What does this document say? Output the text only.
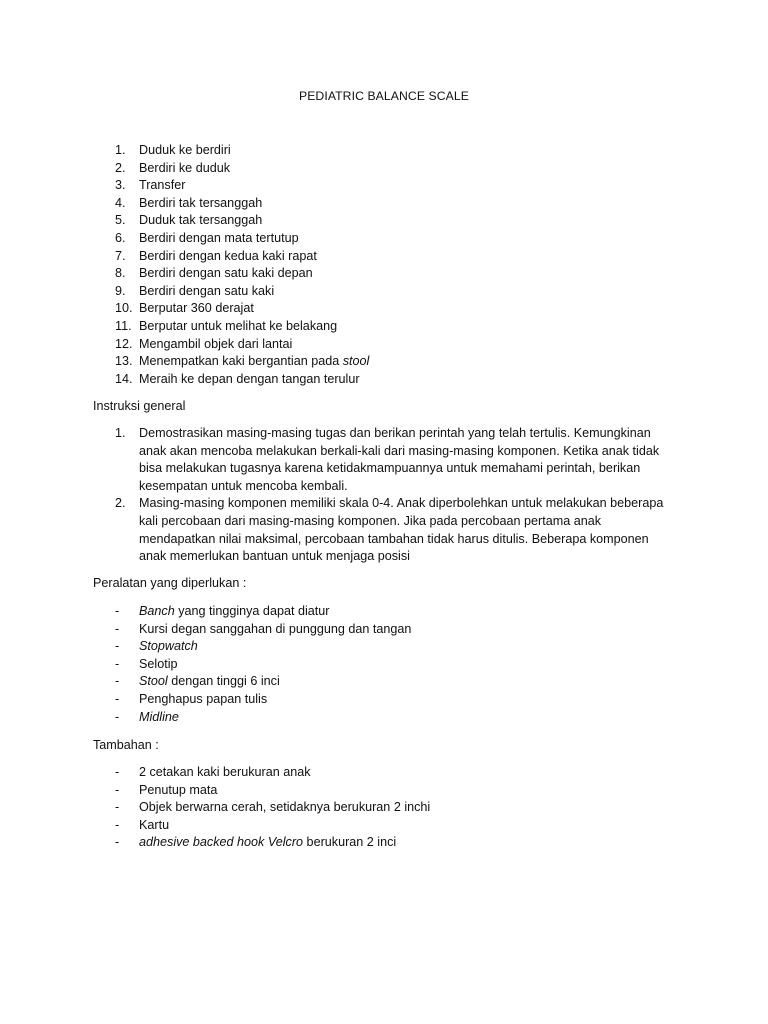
PEDIATRIC BALANCE SCALE
1.	Duduk ke berdiri
2.	Berdiri ke duduk
3.	Transfer
4.	Berdiri tak tersanggah
5.	Duduk tak tersanggah
6.	Berdiri dengan mata tertutup
7.	Berdiri dengan kedua kaki rapat
8.	Berdiri dengan satu kaki depan
9.	Berdiri dengan satu kaki
10. Berputar 360 derajat
11. Berputar untuk melihat ke belakang
12. Mengambil objek dari lantai
13. Menempatkan kaki bergantian pada stool
14. Meraih ke depan dengan tangan terulur
Instruksi general
1. Demostrasikan masing-masing tugas dan berikan perintah yang telah tertulis. Kemungkinan anak akan mencoba melakukan berkali-kali dari masing-masing komponen. Ketika anak tidak bisa melakukan tugasnya karena ketidakmampuannya untuk memahami perintah, berikan kesempatan untuk mencoba kembali.
2. Masing-masing komponen memiliki skala 0-4. Anak diperbolehkan untuk melakukan beberapa kali percobaan dari masing-masing komponen. Jika pada percobaan pertama anak mendapatkan nilai maksimal, percobaan tambahan tidak harus ditulis. Beberapa komponen anak memerlukan bantuan untuk menjaga posisi
Peralatan yang diperlukan :
- Banch yang tingginya dapat diatur
- Kursi degan sanggahan di punggung dan tangan
- Stopwatch
- Selotip
- Stool dengan tinggi 6 inci
- Penghapus papan tulis
- Midline
Tambahan :
- 2 cetakan kaki berukuran anak
- Penutup mata
- Objek berwarna cerah, setidaknya berukuran 2 inchi
- Kartu
- adhesive backed hook Velcro berukuran 2 inci
